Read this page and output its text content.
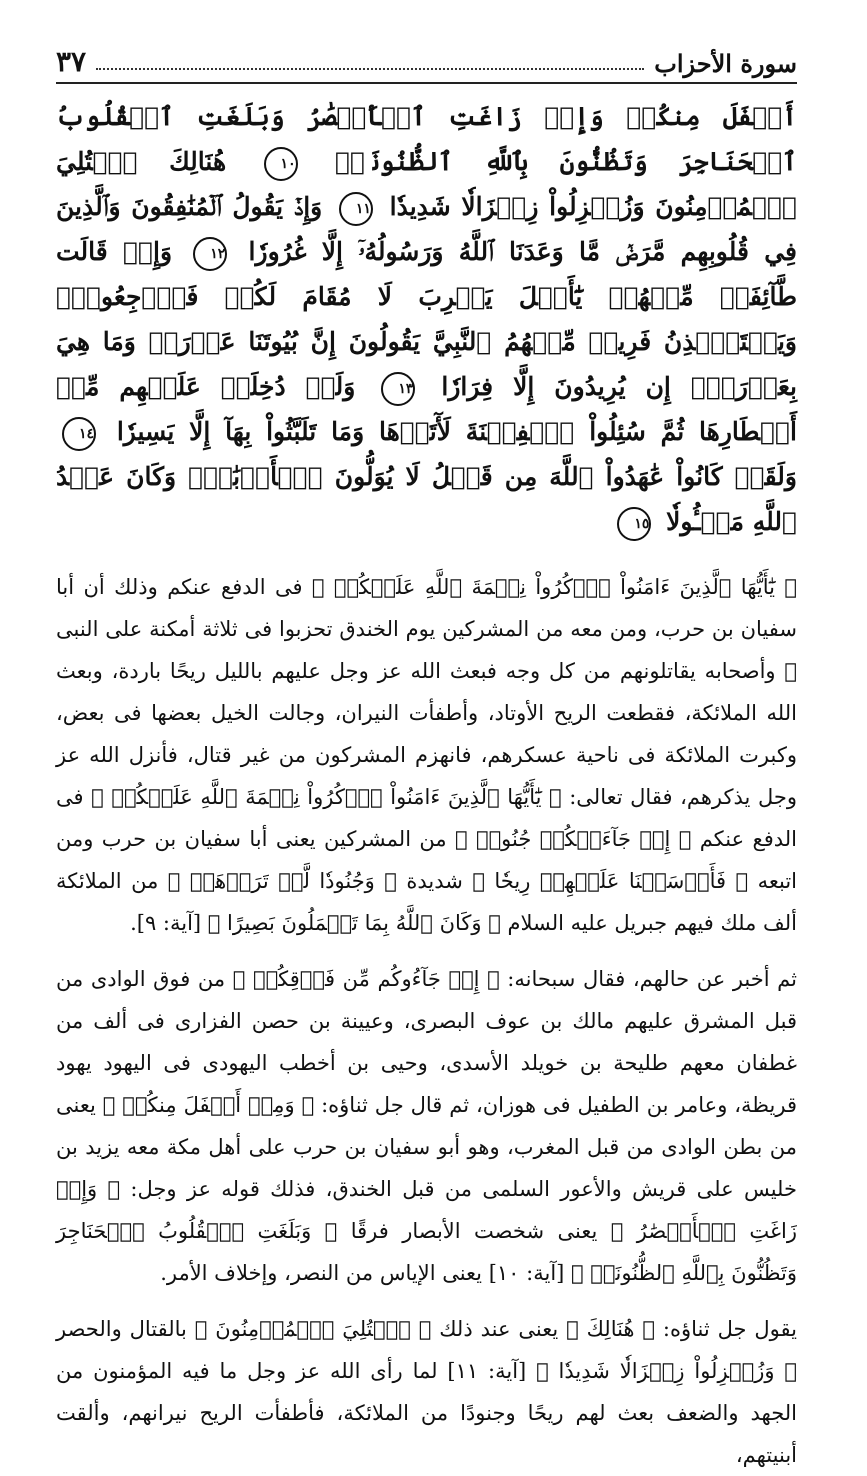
سورة الأحزاب
٣٧
أَسۡفَلَ مِنكُمۡ وَإِذۡ زَاغَتِ ٱلۡأَبۡصَٰرُ وَبَلَغَتِ ٱلۡقُلُوبُ ٱلۡحَنَاجِرَ وَتَظُنُّونَ بِٱللَّهِ ٱلظُّنُونَا۠ ١٠ هُنَالِكَ ٱبۡتُلِيَ ٱلۡمُؤۡمِنُونَ وَزُلۡزِلُواْ زِلۡزَالٗا شَدِيدٗا ١١ وَإِذۡ يَقُولُ ٱلۡمُنَٰفِقُونَ وَٱلَّذِينَ فِي قُلُوبِهِم مَّرَضٞ مَّا وَعَدَنَا ٱللَّهُ وَرَسُولُهُۥٓ إِلَّا غُرُورٗا ١٢ وَإِذۡ قَالَت طَّآئِفَةٞ مِّنۡهُمۡ يَٰٓأَهۡلَ يَثۡرِبَ لَا مُقَامَ لَكُمۡ فَٱرۡجِعُواْۚ وَيَسۡتَـٔۡذِنُ فَرِيقٞ مِّنۡهُمُ ٱلنَّبِيَّ يَقُولُونَ إِنَّ بُيُوتَنَا عَوۡرَةٞ وَمَا هِيَ بِعَوۡرَةٍۖ إِن يُرِيدُونَ إِلَّا فِرَارٗا ١٣ وَلَوۡ دُخِلَتۡ عَلَيۡهِم مِّنۡ أَقۡطَارِهَا ثُمَّ سُئِلُواْ ٱلۡفِتۡنَةَ لَأٓتَوۡهَا وَمَا تَلَبَّثُواْ بِهَآ إِلَّا يَسِيرٗا ١٤ وَلَقَدۡ كَانُواْ عَٰهَدُواْ ٱللَّهَ مِن قَبۡلُ لَا يُوَلُّونَ ٱلۡأَدۡبَٰرَۚ وَكَانَ عَهۡدُ ٱللَّهِ مَسۡـُٔولٗا ١٥

﴿ يَٰٓأَيُّهَا ٱلَّذِينَ ءَامَنُواْ ٱذۡكُرُواْ نِعۡمَةَ ٱللَّهِ عَلَيۡكُمۡ ﴾ فى الدفع عنكم وذلك أن أبا سفيان بن حرب، ومن معه من المشركين يوم الخندق تحزبوا فى ثلاثة أمكنة على النبى ﷺ وأصحابه يقاتلونهم من كل وجه فبعث الله عز وجل عليهم بالليل ريحًا باردة، وبعث الله الملائكة، فقطعت الريح الأوتاد، وأطفأت النيران، وجالت الخيل بعضها فى بعض، وكبرت الملائكة فى ناحية عسكرهم، فانهزم المشركون من غير قتال، فأنزل الله عز وجل يذكرهم، فقال تعالى: ﴿ يَٰٓأَيُّهَا ٱلَّذِينَ ءَامَنُواْ ٱذۡكُرُواْ نِعۡمَةَ ٱللَّهِ عَلَيۡكُمۡ ﴾ فى الدفع عنكم ﴿ إِذۡ جَآءَتۡكُمۡ جُنُودٞ ﴾ من المشركين يعنى أبا سفيان بن حرب ومن اتبعه ﴿ فَأَرۡسَلۡنَا عَلَيۡهِمۡ رِيحٗا ﴾ شديدة ﴿ وَجُنُودٗا لَّمۡ تَرَوۡهَاۚ ﴾ من الملائكة ألف ملك فيهم جبريل عليه السلام ﴿ وَكَانَ ٱللَّهُ بِمَا تَعۡمَلُونَ بَصِيرًا ﴾ [آية: ٩].

ثم أخبر عن حالهم، فقال سبحانه: ﴿ إِذۡ جَآءُوكُم مِّن فَوۡقِكُمۡ ﴾ من فوق الوادى من قبل المشرق عليهم مالك بن عوف البصرى، وعيينة بن حصن الفزارى فى ألف من غطفان معهم طليحة بن خويلد الأسدى، وحيى بن أخطب اليهودى فى اليهود يهود قريظة، وعامر بن الطفيل فى هوزان، ثم قال جل ثناؤه: ﴿ وَمِنۡ أَسۡفَلَ مِنكُمۡ ﴾ يعنى من بطن الوادى من قبل المغرب، وهو أبو سفيان بن حرب على أهل مكة معه يزيد بن خليس على قريش والأعور السلمى من قبل الخندق، فذلك قوله عز وجل: ﴿ وَإِذۡ زَاغَتِ ٱلۡأَبۡصَٰرُ ﴾ يعنى شخصت الأبصار فرقًا ﴿ وَبَلَغَتِ ٱلۡقُلُوبُ ٱلۡحَنَاجِرَ وَتَظُنُّونَ بِٱللَّهِ ٱلظُّنُونَا۠ ﴾ [آية: ١٠] يعنى الإياس من النصر، وإخلاف الأمر.

يقول جل ثناؤه: ﴿ هُنَالِكَ ﴾ يعنى عند ذلك ﴿ ٱبۡتُلِيَ ٱلۡمُؤۡمِنُونَ ﴾ بالقتال والحصر ﴿ وَزُلۡزِلُواْ زِلۡزَالٗا شَدِيدٗا ﴾ [آية: ١١] لما رأى الله عز وجل ما فيه المؤمنون من الجهد والضعف بعث لهم ريحًا وجنودًا من الملائكة، فأطفأت الريح نيرانهم، وألقت أبنيتهم،
